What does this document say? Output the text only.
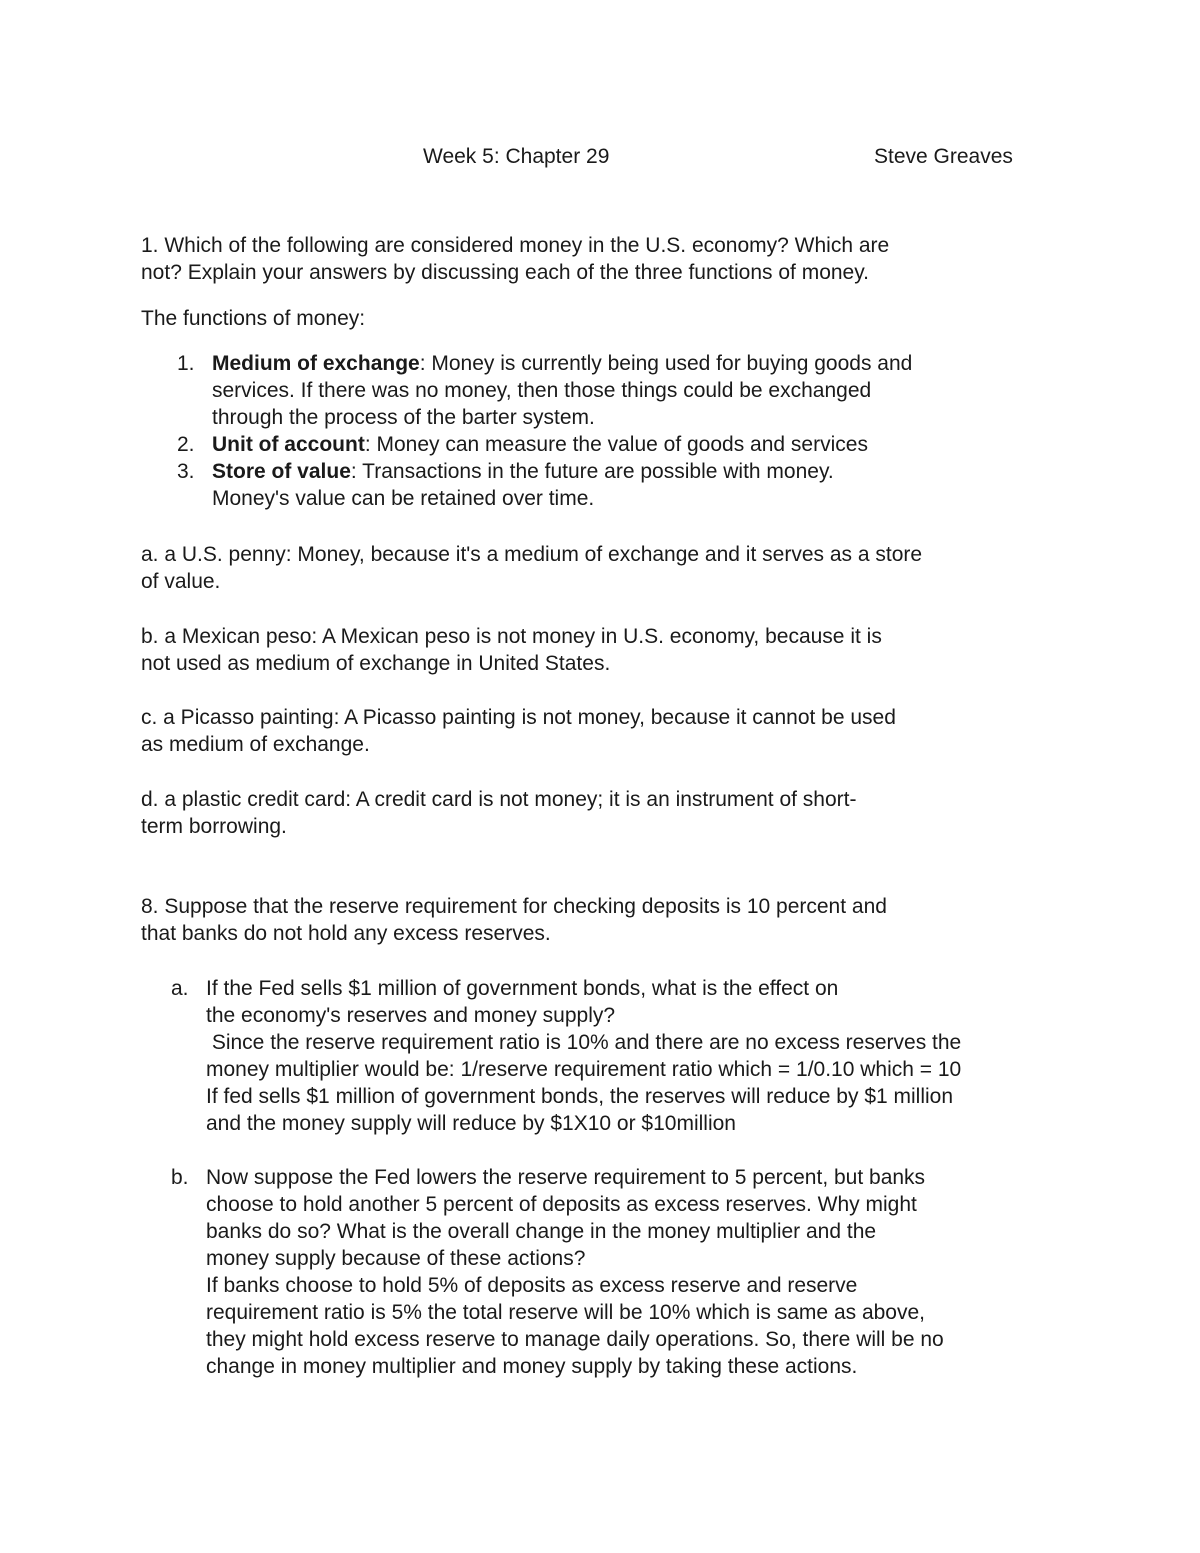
Week 5: Chapter 29	Steve Greaves

1. Which of the following are considered money in the U.S. economy? Which are

not? Explain your answers by discussing each of the three functions of money.

The functions of money:
1. Medium of exchange: Money is currently being used for buying goods and
services. If there was no money, then those things could be exchanged
through the process of the barter system.
2. Unit of account: Money can measure the value of goods and services
3. Store of value: Transactions in the future are possible with money.
Money's value can be retained over time.

a. a U.S. penny: Money, because it's a medium of exchange and it serves as a store

of value.

b. a Mexican peso: A Mexican peso is not money in U.S. economy, because it is

not used as medium of exchange in United States.

c. a Picasso painting: A Picasso painting is not money, because it cannot be used

as medium of exchange.

d. a plastic credit card: A credit card is not money; it is an instrument of short-

term borrowing.

8. Suppose that the reserve requirement for checking deposits is 10 percent and

that banks do not hold any excess reserves.

a. If the Fed sells $1 million of government bonds, what is the effect on
the economy's reserves and money supply?
Since the reserve requirement ratio is 10% and there are no excess reserves the
money multiplier would be: 1/reserve requirement ratio which = 1/0.10 which = 10
If fed sells $1 million of government bonds, the reserves will reduce by $1 million
and the money supply will reduce by $1X10 or $10million
b. Now suppose the Fed lowers the reserve requirement to 5 percent, but banks
choose to hold another 5 percent of deposits as excess reserves. Why might
banks do so? What is the overall change in the money multiplier and the
money supply because of these actions?
If banks choose to hold 5% of deposits as excess reserve and reserve
requirement ratio is 5% the total reserve will be 10% which is same as above,
they might hold excess reserve to manage daily operations. So, there will be no
change in money multiplier and money supply by taking these actions.
